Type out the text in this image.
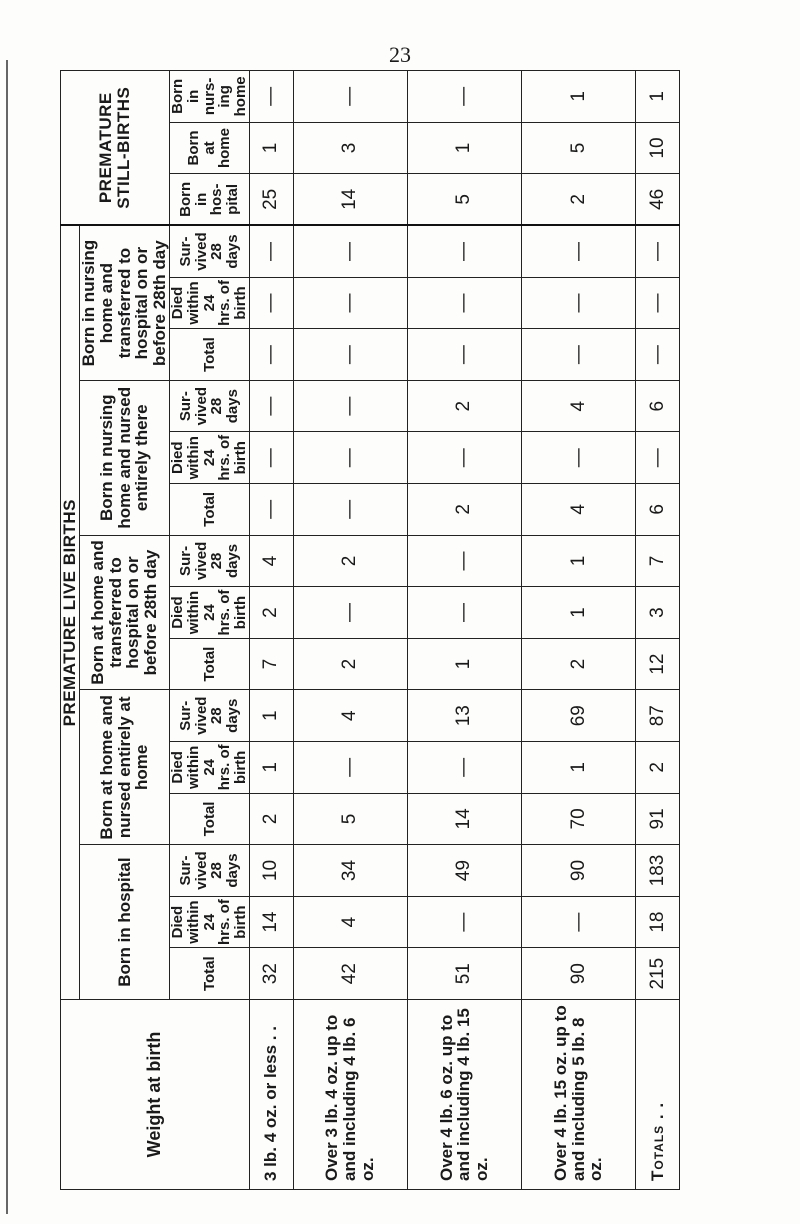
23
Weight at birth	PREMATURE LIVE BIRTHS															PREMATURE STILL-BIRTHS		
	Born in hospital			Born at home and nursed entirely at home			Born at home and transferred to hospital on or before 28th day			Born in nursing home and nursed entirely there			Born in nursing home and transferred to hospital on or before 28th day					
	Total	Died within 24 hrs. of birth	Sur-vived 28 days	Total	Died within 24 hrs. of birth	Sur-vived 28 days	Total	Died within 24 hrs. of birth	Sur-vived 28 days	Total	Died within 24 hrs. of birth	Sur-vived 28 days	Total	Died within 24 hrs. of birth	Sur-vived 28 days	Born in hos-pital	Born at home	Born in nurs-ing home
3 lb. 4 oz. or less . .	32	14	10	2	1	1	7	2	4	—	—	—	—	—	—	25	1	—
Over 3 lb. 4 oz. up to and including 4 lb. 6 oz.	42	4	34	5	—	4	2	—	2	—	—	—	—	—	—	14	3	—
Over 4 lb. 6 oz. up to and including 4 lb. 15 oz.	51	—	49	14	—	13	1	—	—	2	—	2	—	—	—	5	1	—
Over 4 lb. 15 oz. up to and including 5 lb. 8 oz.	90	—	90	70	1	69	2	1	1	4	—	4	—	—	—	2	5	1
Totals . .	215	18	183	91	2	87	12	3	7	6	—	6	—	—	—	46	10	1
